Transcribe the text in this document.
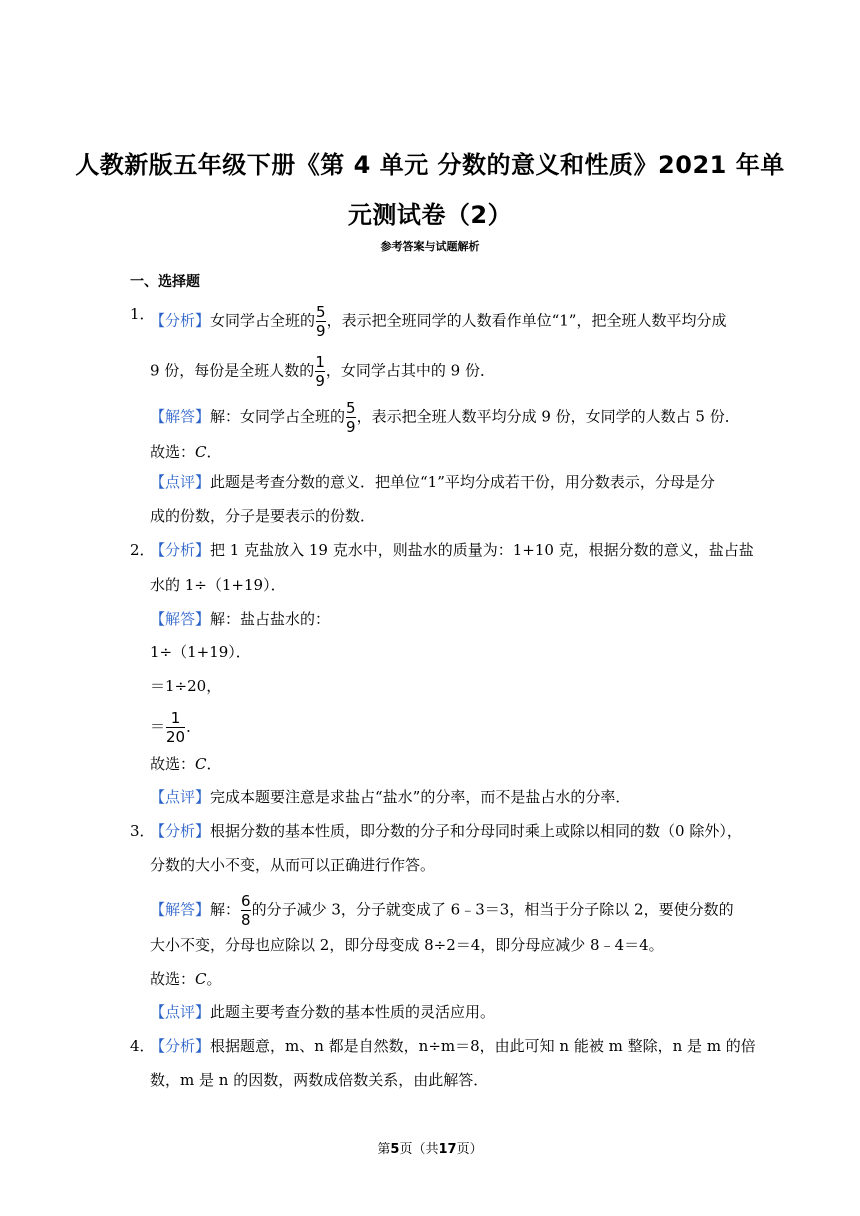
人教新版五年级下册《第 4 单元 分数的意义和性质》2021 年单
元测试卷（2）
参考答案与试题解析
一、选择题
1．
【分析】女同学占全班的 $\frac{5}{9}$ ，表示把全班同学的人数看作单位“1”，把全班人数平均分成
9 份，每份是全班人数的 $\frac{1}{9}$ ，女同学占其中的 9 份．
【解答】解：女同学占全班的 $\frac{5}{9}$ ，表示把全班人数平均分成 9 份，女同学的人数占 5 份．
故选：C．
【点评】此题是考查分数的意义．把单位“1”平均分成若干份，用分数表示，分母是分
成的份数，分子是要表示的份数．
2．
【分析】把 1 克盐放入 19 克水中，则盐水的质量为：1+10 克，根据分数的意义，盐占盐
水的 1÷（1+19）．
【解答】解：盐占盐水的：
1÷（1+19）．
＝1÷20，
＝ $\frac{1}{20}$ ．
故选：C．
【点评】完成本题要注意是求盐占“盐水”的分率，而不是盐占水的分率．
3．
【分析】根据分数的基本性质，即分数的分子和分母同时乘上或除以相同的数（0 除外），
分数的大小不变，从而可以正确进行作答。
【解答】解： $\frac{6}{8}$ 的分子减少 3，分子就变成了 6﹣3＝3，相当于分子除以 2，要使分数的
大小不变，分母也应除以 2，即分母变成 8÷2＝4，即分母应减少 8﹣4＝4。
故选：C。
【点评】此题主要考查分数的基本性质的灵活应用。
4．
【分析】根据题意，m、n 都是自然数，n÷m＝8，由此可知 n 能被 m 整除，n 是 m 的倍
数，m 是 n 的因数，两数成倍数关系，由此解答．
第5页（共17页）
